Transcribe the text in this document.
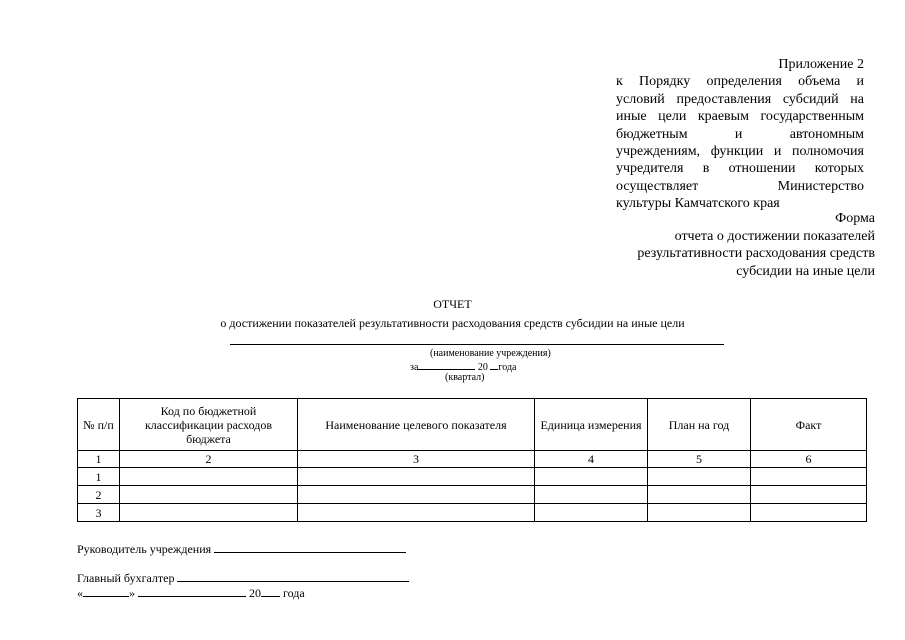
Приложение 2
к Порядку определения объема и
условий предоставления субсидий на
иные цели краевым государственным
бюджетным и автономным
учреждениям, функции и полномочия
учредителя в отношении которых
осуществляет Министерство
культуры Камчатского края
Форма
отчета о достижении показателей
результативности расходования средств
субсидии на иные цели
ОТЧЕТ
о достижении показателей результативности расходования средств субсидии на иные цели
(наименование учреждения)
за	20 года
(квартал)
№ п/п	Код по бюджетной классификации расходов бюджета	Наименование целевого показателя	Единица измерения	План на год	Факт
1	2	3	4	5	6
1					
2					
3					
Руководитель учреждения
Главный бухгалтер
«	»	20 года
